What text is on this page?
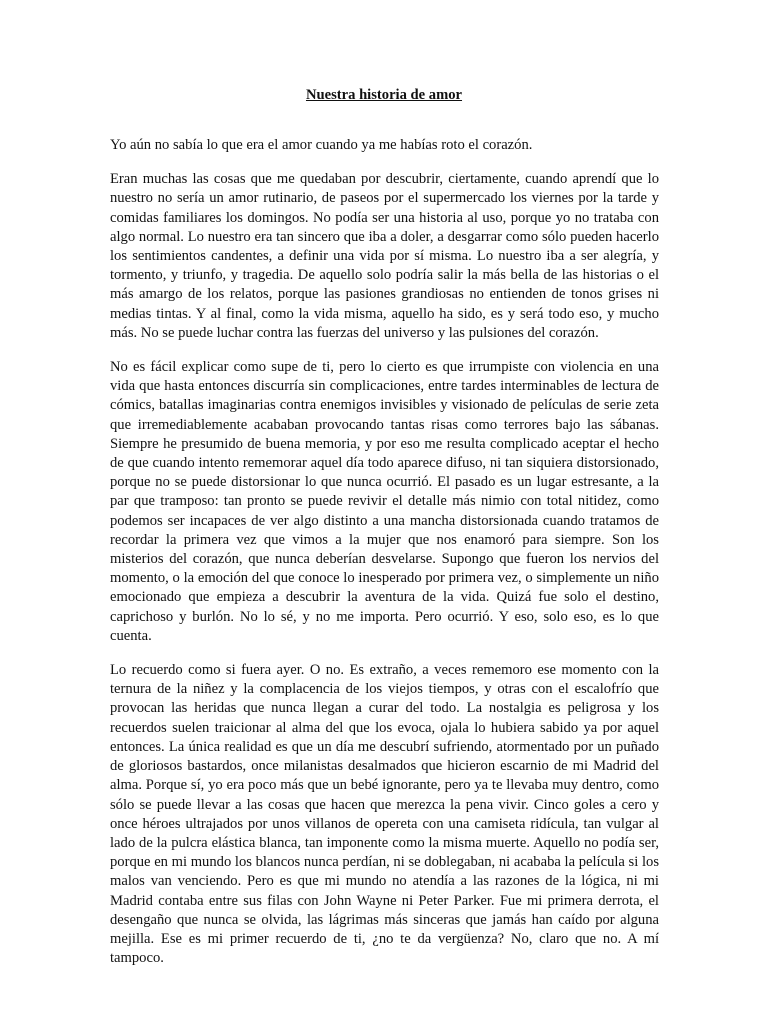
Nuestra historia de amor

Yo aún no sabía lo que era el amor cuando ya me habías roto el corazón.

Eran muchas las cosas que me quedaban por descubrir, ciertamente, cuando aprendí que lo nuestro no sería un amor rutinario, de paseos por el supermercado los viernes por la tarde y comidas familiares los domingos. No podía ser una historia al uso, porque yo no trataba con algo normal. Lo nuestro era tan sincero que iba a doler, a desgarrar como sólo pueden hacerlo los sentimientos candentes, a definir una vida por sí misma. Lo nuestro iba a ser alegría, y tormento, y triunfo, y tragedia. De aquello solo podría salir la más bella de las historias o el más amargo de los relatos, porque las pasiones grandiosas no entienden de tonos grises ni medias tintas. Y al final, como la vida misma, aquello ha sido, es y será todo eso, y mucho más. No se puede luchar contra las fuerzas del universo y las pulsiones del corazón.

No es fácil explicar como supe de ti, pero lo cierto es que irrumpiste con violencia en una vida que hasta entonces discurría sin complicaciones, entre tardes interminables de lectura de cómics, batallas imaginarias contra enemigos invisibles y visionado de películas de serie zeta que irremediablemente acababan provocando tantas risas como terrores bajo las sábanas. Siempre he presumido de buena memoria, y por eso me resulta complicado aceptar el hecho de que cuando intento rememorar aquel día todo aparece difuso, ni tan siquiera distorsionado, porque no se puede distorsionar lo que nunca ocurrió. El pasado es un lugar estresante, a la par que tramposo: tan pronto se puede revivir el detalle más nimio con total nitidez, como podemos ser incapaces de ver algo distinto a una mancha distorsionada cuando tratamos de recordar la primera vez que vimos a la mujer que nos enamoró para siempre. Son los misterios del corazón, que nunca deberían desvelarse. Supongo que fueron los nervios del momento, o la emoción del que conoce lo inesperado por primera vez, o simplemente un niño emocionado que empieza a descubrir la aventura de la vida. Quizá fue solo el destino, caprichoso y burlón. No lo sé, y no me importa. Pero ocurrió. Y eso, solo eso, es lo que cuenta.

Lo recuerdo como si fuera ayer. O no. Es extraño, a veces rememoro ese momento con la ternura de la niñez y la complacencia de los viejos tiempos, y otras con el escalofrío que provocan las heridas que nunca llegan a curar del todo. La nostalgia es peligrosa y los recuerdos suelen traicionar al alma del que los evoca, ojala lo hubiera sabido ya por aquel entonces. La única realidad es que un día me descubrí sufriendo, atormentado por un puñado de gloriosos bastardos, once milanistas desalmados que hicieron escarnio de mi Madrid del alma. Porque sí, yo era poco más que un bebé ignorante, pero ya te llevaba muy dentro, como sólo se puede llevar a las cosas que hacen que merezca la pena vivir. Cinco goles a cero y once héroes ultrajados por unos villanos de opereta con una camiseta ridícula, tan vulgar al lado de la pulcra elástica blanca, tan imponente como la misma muerte. Aquello no podía ser, porque en mi mundo los blancos nunca perdían, ni se doblegaban, ni acababa la película si los malos van venciendo. Pero es que mi mundo no atendía a las razones de la lógica, ni mi Madrid contaba entre sus filas con John Wayne ni Peter Parker. Fue mi primera derrota, el desengaño que nunca se olvida, las lágrimas más sinceras que jamás han caído por alguna mejilla. Ese es mi primer recuerdo de ti, ¿no te da vergüenza? No, claro que no. A mí tampoco.
